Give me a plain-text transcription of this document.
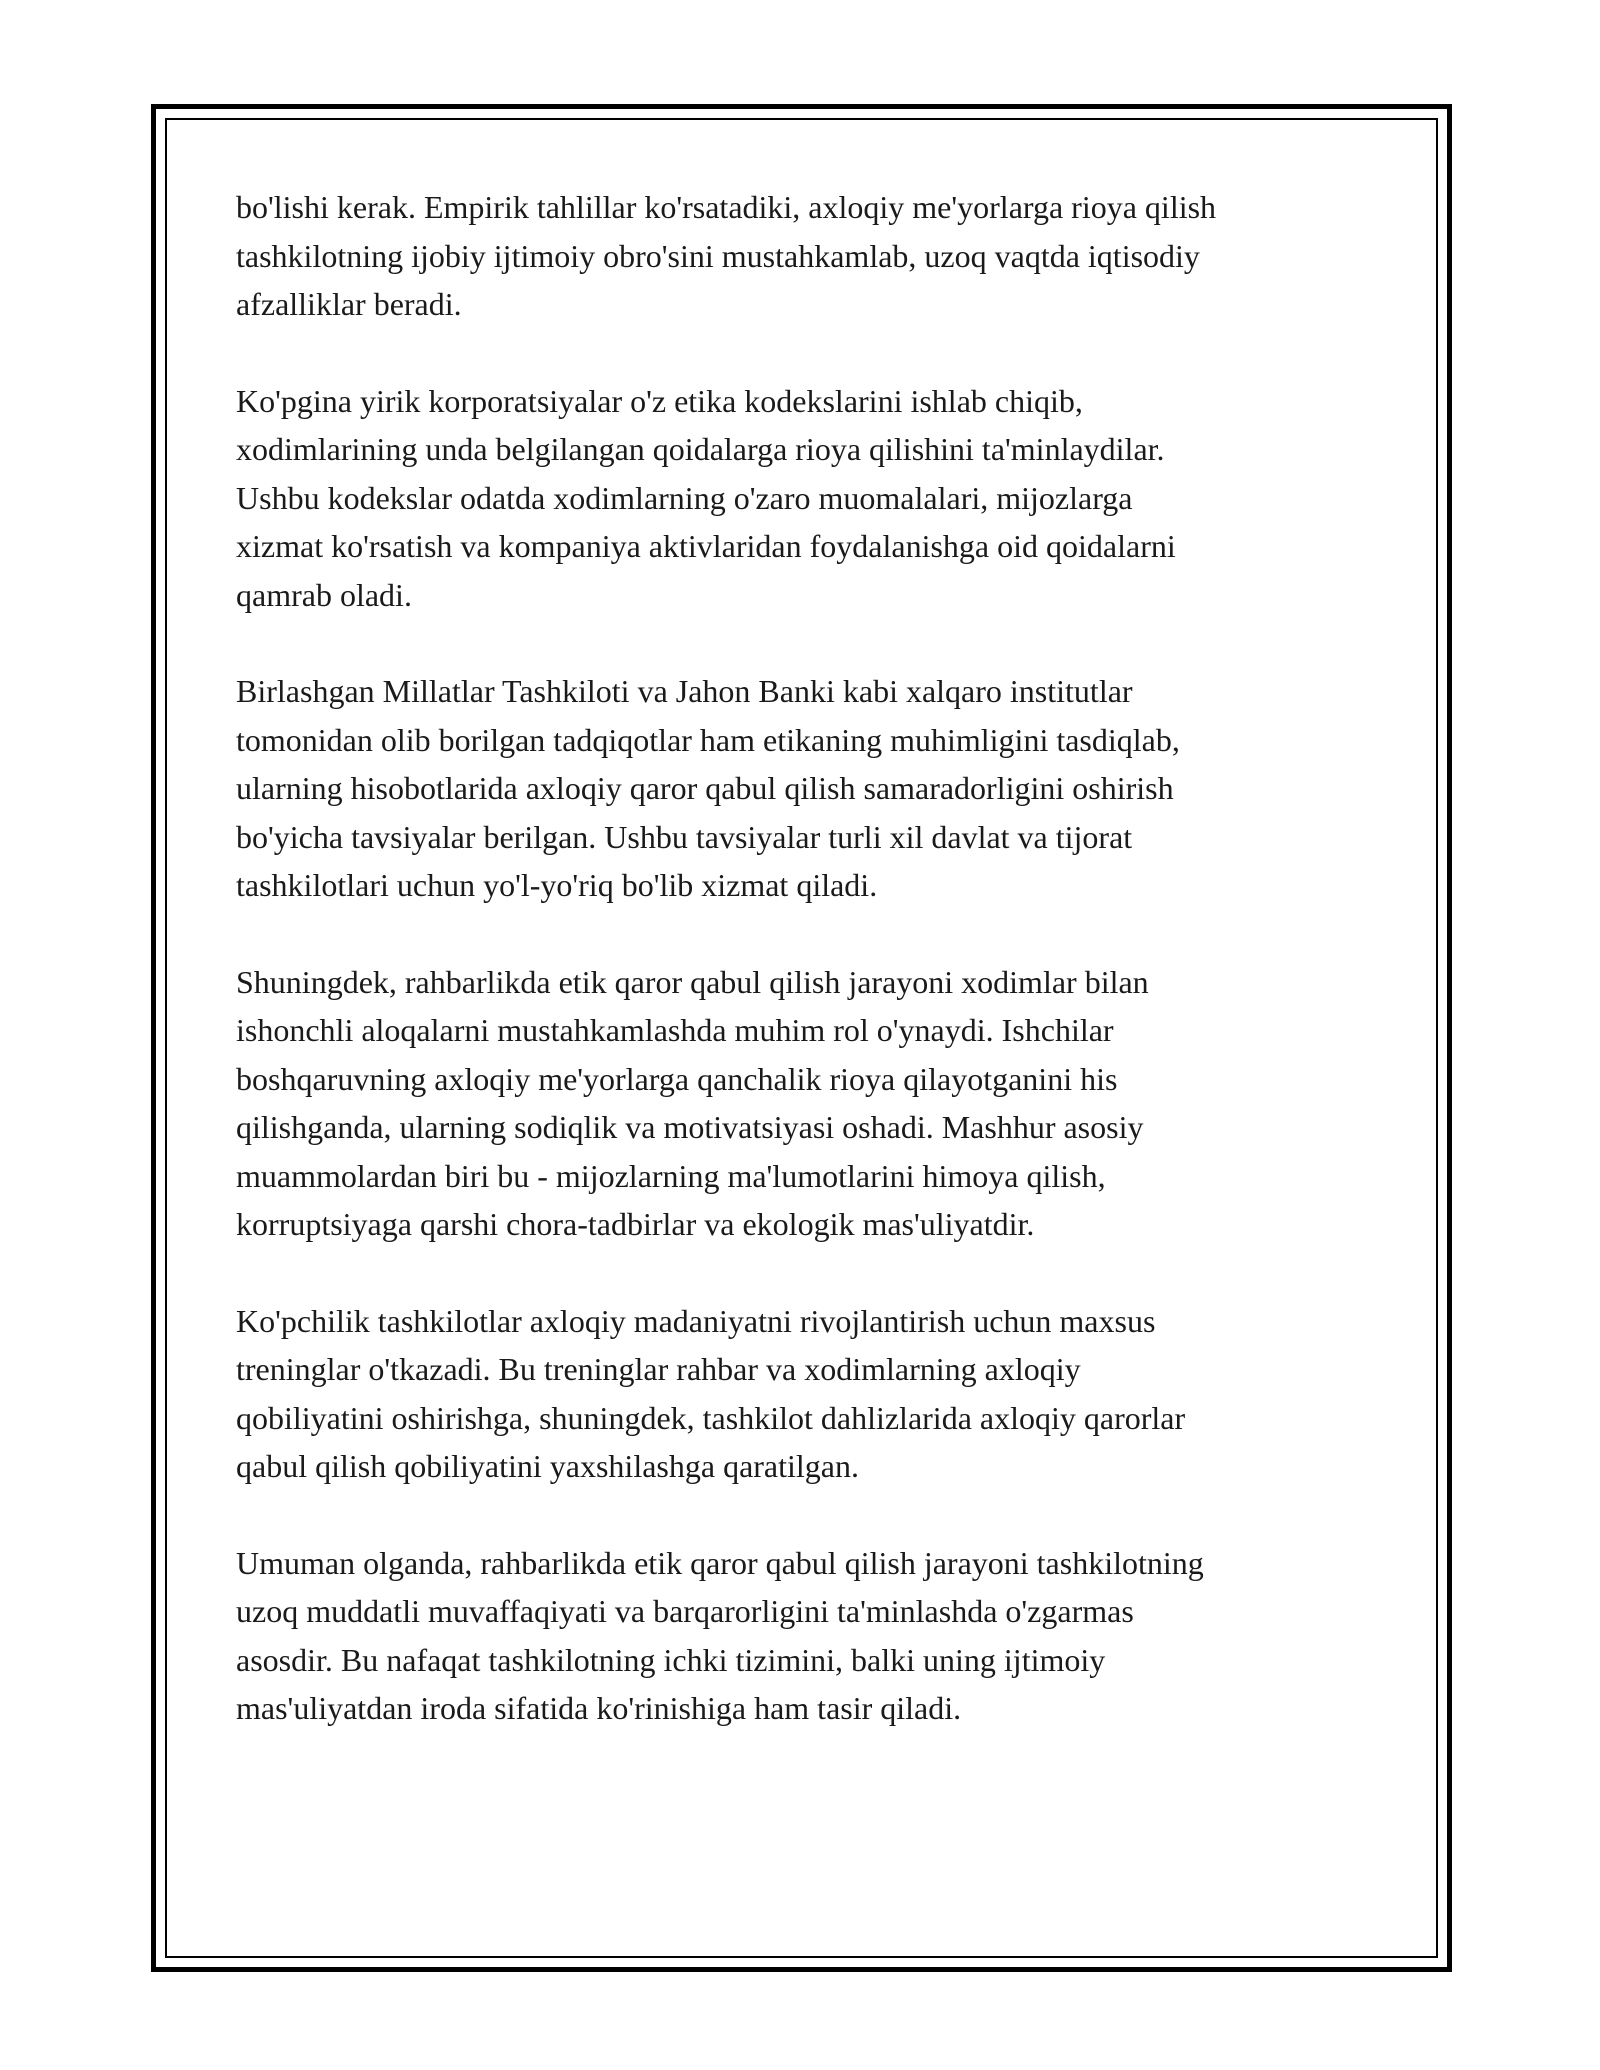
bo'lishi kerak. Empirik tahlillar ko'rsatadiki, axloqiy me'yorlarga rioya qilish
tashkilotning ijobiy ijtimoiy obro'sini mustahkamlab, uzoq vaqtda iqtisodiy
afzalliklar beradi.

Ko'pgina yirik korporatsiyalar o'z etika kodekslarini ishlab chiqib,
xodimlarining unda belgilangan qoidalarga rioya qilishini ta'minlaydilar.
Ushbu kodekslar odatda xodimlarning o'zaro muomalalari, mijozlarga
xizmat ko'rsatish va kompaniya aktivlaridan foydalanishga oid qoidalarni
qamrab oladi.

Birlashgan Millatlar Tashkiloti va Jahon Banki kabi xalqaro institutlar
tomonidan olib borilgan tadqiqotlar ham etikaning muhimligini tasdiqlab,
ularning hisobotlarida axloqiy qaror qabul qilish samaradorligini oshirish
bo'yicha tavsiyalar berilgan. Ushbu tavsiyalar turli xil davlat va tijorat
tashkilotlari uchun yo'l-yo'riq bo'lib xizmat qiladi.

Shuningdek, rahbarlikda etik qaror qabul qilish jarayoni xodimlar bilan
ishonchli aloqalarni mustahkamlashda muhim rol o'ynaydi. Ishchilar
boshqaruvning axloqiy me'yorlarga qanchalik rioya qilayotganini his
qilishganda, ularning sodiqlik va motivatsiyasi oshadi. Mashhur asosiy
muammolardan biri bu - mijozlarning ma'lumotlarini himoya qilish,
korruptsiyaga qarshi chora-tadbirlar va ekologik mas'uliyatdir.

Ko'pchilik tashkilotlar axloqiy madaniyatni rivojlantirish uchun maxsus
treninglar o'tkazadi. Bu treninglar rahbar va xodimlarning axloqiy
qobiliyatini oshirishga, shuningdek, tashkilot dahlizlarida axloqiy qarorlar
qabul qilish qobiliyatini yaxshilashga qaratilgan.

Umuman olganda, rahbarlikda etik qaror qabul qilish jarayoni tashkilotning
uzoq muddatli muvaffaqiyati va barqarorligini ta'minlashda o'zgarmas
asosdir. Bu nafaqat tashkilotning ichki tizimini, balki uning ijtimoiy
mas'uliyatdan iroda sifatida ko'rinishiga ham tasir qiladi.
